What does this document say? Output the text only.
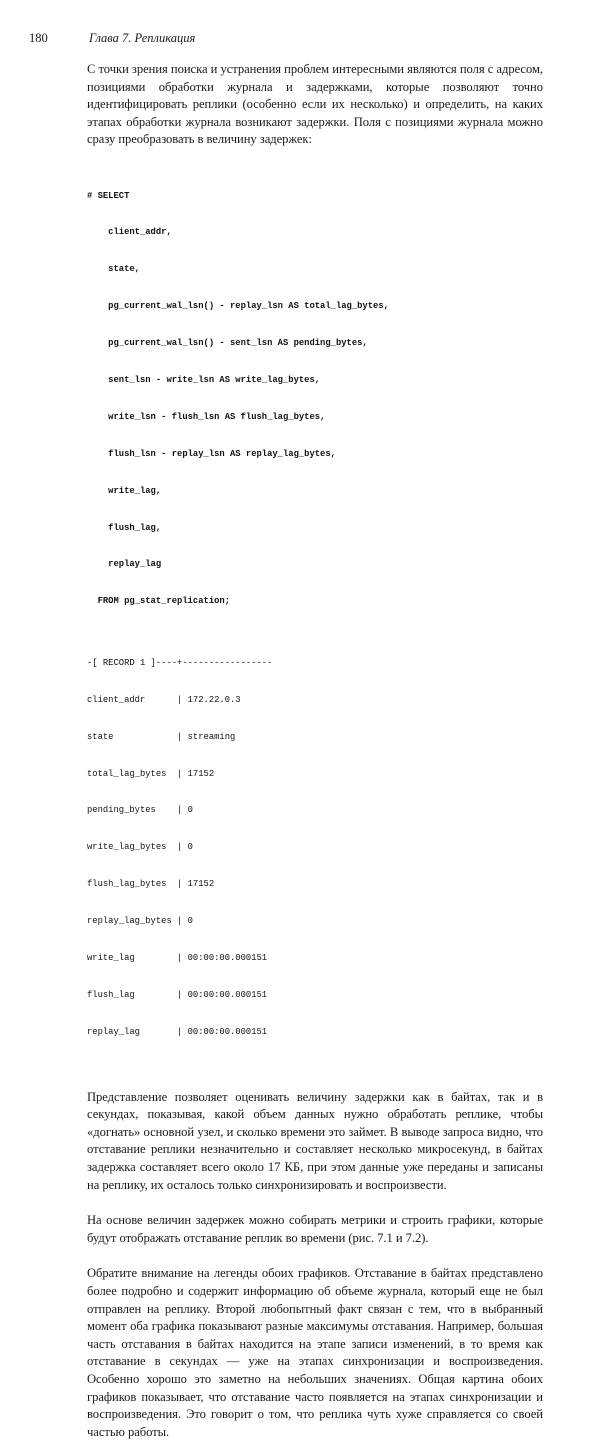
180	Глава 7. Репликация

С точки зрения поиска и устранения проблем интересными являются поля с адресом, позициями обработки журнала и задержками, которые позволяют точно идентифицировать реплики (особенно если их несколько) и определить, на каких этапах обработки журнала возникают задержки. Поля с позициями журнала можно сразу преобразовать в величину задержек:

# SELECT

client_addr,

state,

pg_current_wal_lsn() - replay_lsn AS total_lag_bytes,

pg_current_wal_lsn() - sent_lsn AS pending_bytes,

sent_lsn - write_lsn AS write_lag_bytes,

write_lsn - flush_lsn AS flush_lag_bytes,

flush_lsn - replay_lsn AS replay_lag_bytes,

write_lag,

flush_lag,

replay_lag

FROM pg_stat_replication;

-[ RECORD 1 ]----+-----------------

client_addr      | 172.22.0.3

state            | streaming

total_lag_bytes  | 17152

pending_bytes    | 0

write_lag_bytes  | 0

flush_lag_bytes  | 17152

replay_lag_bytes | 0

write_lag        | 00:00:00.000151

flush_lag        | 00:00:00.000151

replay_lag       | 00:00:00.000151

Представление позволяет оценивать величину задержки как в байтах, так и в секундах, показывая, какой объем данных нужно обработать реплике, чтобы «догнать» основной узел, и сколько времени это займет. В выводе запроса видно, что отставание реплики незначительно и составляет несколько микросекунд, в байтах задержка составляет всего около 17 КБ, при этом данные уже переданы и записаны на реплику, их осталось только синхронизировать и воспроизвести.

На основе величин задержек можно собирать метрики и строить графики, которые будут отображать отставание реплик во времени (рис. 7.1 и 7.2).

Обратите внимание на легенды обоих графиков. Отставание в байтах представлено более подробно и содержит информацию об объеме журнала, который еще не был отправлен на реплику. Второй любопытный факт связан с тем, что в выбранный момент оба графика показывают разные максимумы отставания. Например, большая часть отставания в байтах находится на этапе записи изменений, в то время как отставание в секундах — уже на этапах синхронизации и воспроизведения. Особенно хорошо это заметно на небольших значениях. Общая картина обоих графиков показывает, что отставание часто появляется на этапах синхронизации и воспроизведения. Это говорит о том, что реплика чуть хуже справляется со своей частью работы.
